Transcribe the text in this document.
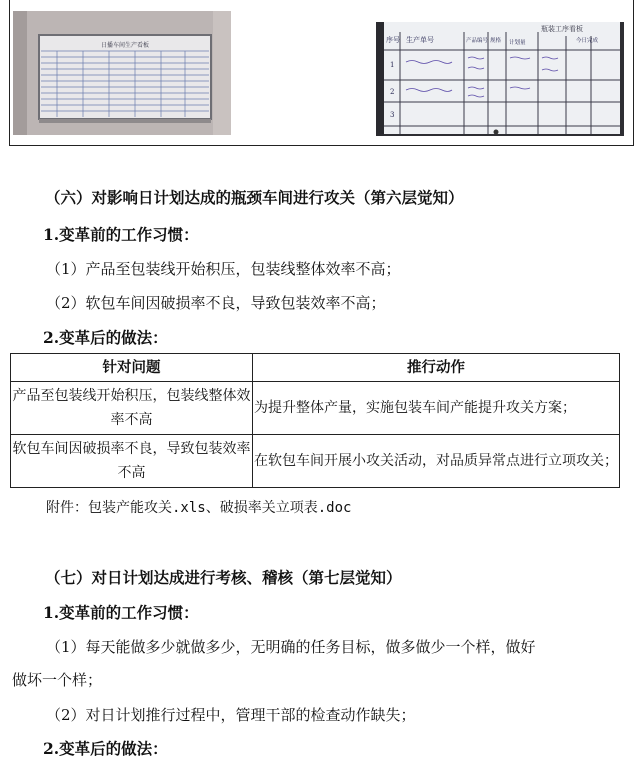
日播车间生产看板
瓶装工序看板
序号 生产单号	产品编号 规格 计划量	今日完成
1
2
3
（六）对影响日计划达成的瓶颈车间进行攻关（第六层觉知）
1.变革前的工作习惯：
（1）产品至包装线开始积压，包装线整体效率不高；
（2）软包车间因破损率不良，导致包装效率不高；
2.变革后的做法：
针对问题	推行动作
产品至包装线开始积压，包装线整体效率不高	为提升整体产量，实施包装车间产能提升攻关方案；
软包车间因破损率不良，导致包装效率不高	在软包车间开展小攻关活动，对品质异常点进行立项攻关；
附件：包装产能攻关.xls、破损率关立项表.doc
（七）对日计划达成进行考核、稽核（第七层觉知）
1.变革前的工作习惯：
（1）每天能做多少就做多少，无明确的任务目标，做多做少一个样，做好
做坏一个样；
（2）对日计划推行过程中，管理干部的检查动作缺失；
2.变革后的做法：
